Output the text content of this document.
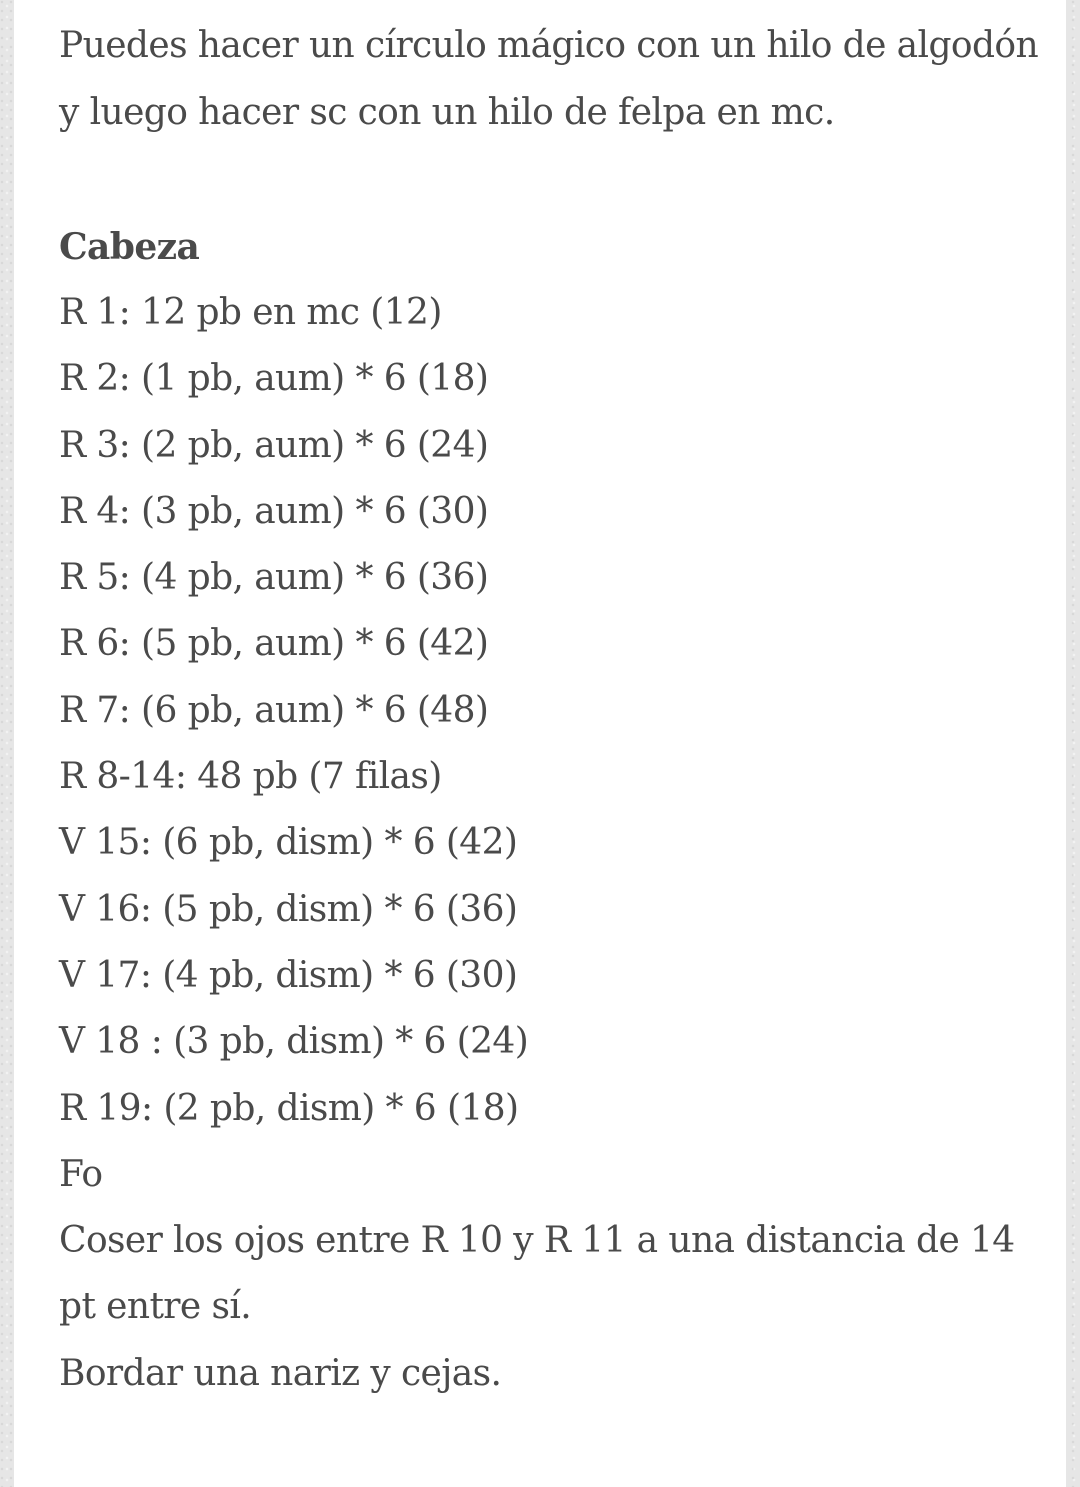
Puedes hacer un círculo mágico con un hilo de algodón y luego hacer sc con un hilo de felpa en mc.

Cabeza
R 1: 12 pb en mc (12)
R 2: (1 pb, aum) * 6 (18)
R 3: (2 pb, aum) * 6 (24)
R 4: (3 pb, aum) * 6 (30)
R 5: (4 pb, aum) * 6 (36)
R 6: (5 pb, aum) * 6 (42)
R 7: (6 pb, aum) * 6 (48)
R 8-14: 48 pb (7 filas)
V 15: (6 pb, dism) * 6 (42)
V 16: (5 pb, dism) * 6 (36)
V 17: (4 pb, dism) * 6 (30)
V 18 : (3 pb, dism) * 6 (24)
R 19: (2 pb, dism) * 6 (18)
Fo
Coser los ojos entre R 10 y R 11 a una distancia de 14 pt entre sí.
Bordar una nariz y cejas.
